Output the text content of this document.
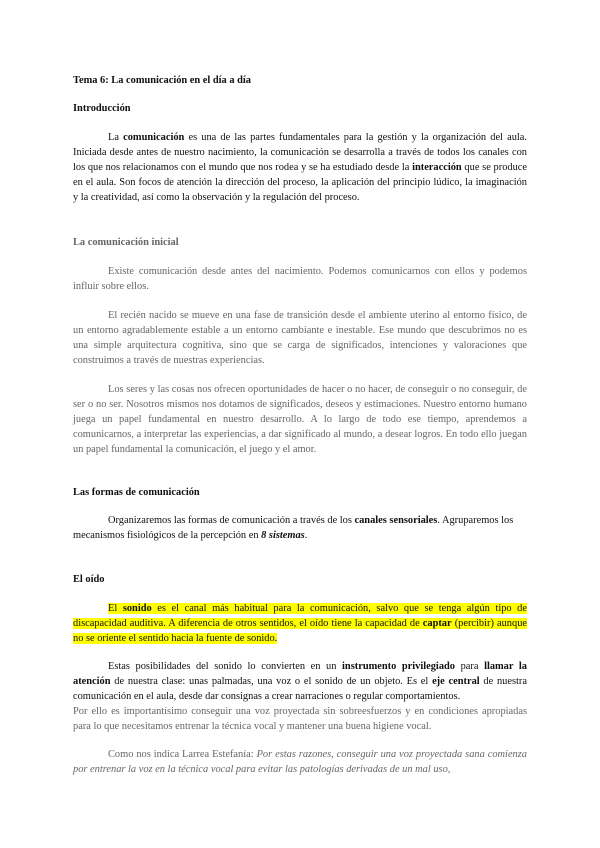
Tema 6: La comunicación en el día a día
Introducción
La comunicación es una de las partes fundamentales para la gestión y la organización del aula. Iniciada desde antes de nuestro nacimiento, la comunicación se desarrolla a través de todos los canales con los que nos relacionamos con el mundo que nos rodea y se ha estudiado desde la interacción que se produce en el aula. Son focos de atención la dirección del proceso, la aplicación del principio lúdico, la imaginación y la creatividad, así como la observación y la regulación del proceso.
La comunicación inicial
Existe comunicación desde antes del nacimiento. Podemos comunicarnos con ellos y podemos influir sobre ellos.
El recién nacido se mueve en una fase de transición desde el ambiente uterino al entorno físico, de un entorno agradablemente estable a un entorno cambiante e inestable. Ese mundo que descubrimos no es una simple arquitectura cognitiva, sino que se carga de significados, intenciones y valoraciones que construimos a través de nuestras experiencias.
Los seres y las cosas nos ofrecen oportunidades de hacer o no hacer, de conseguir o no conseguir, de ser o no ser. Nosotros mismos nos dotamos de significados, deseos y estimaciones. Nuestro entorno humano juega un papel fundamental en nuestro desarrollo. A lo largo de todo ese tiempo, aprendemos a comunicarnos, a interpretar las experiencias, a dar significado al mundo, a desear logros. En todo ello juegan un papel fundamental la comunicación, el juego y el amor.
Las formas de comunicación
Organizaremos las formas de comunicación a través de los canales sensoriales. Agruparemos los mecanismos fisiológicos de la percepción en 8 sistemas.
El oído
El sonido es el canal más habitual para la comunicación, salvo que se tenga algún tipo de discapacidad auditiva. A diferencia de otros sentidos, el oído tiene la capacidad de captar (percibir) aunque no se oriente el sentido hacia la fuente de sonido.
Estas posibilidades del sonido lo convierten en un instrumento privilegiado para llamar la atención de nuestra clase: unas palmadas, una voz o el sonido de un objeto. Es el eje central de nuestra comunicación en el aula, desde dar consignas a crear narraciones o regular comportamientos.
Por ello es importantísimo conseguir una voz proyectada sin sobreesfuerzos y en condiciones apropiadas para lo que necesitamos entrenar la técnica vocal y mantener una buena higiene vocal.
Como nos indica Larrea Estefanía: Por estas razones, conseguir una voz proyectada sana comienza por entrenar la voz en la técnica vocal para evitar las patologías derivadas de un mal uso,
